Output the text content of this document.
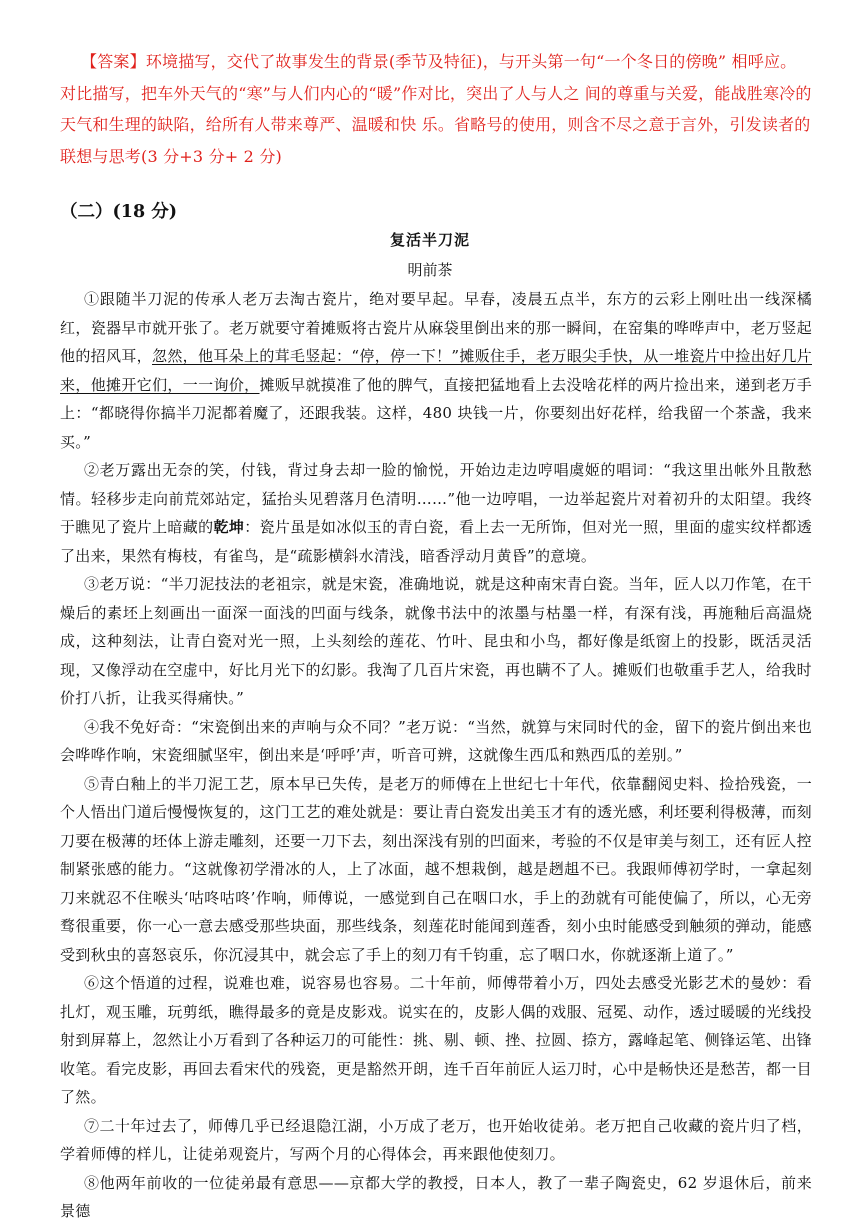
【答案】环境描写，交代了故事发生的背景(季节及特征)，与开头第一句“一个冬日的傍晚” 相呼应。对比描写，把车外天气的“寒”与人们内心的“暖”作对比，突出了人与人之 间的尊重与关爱，能战胜寒冷的天气和生理的缺陷，给所有人带来尊严、温暖和快 乐。省略号的使用，则含不尽之意于言外，引发读者的联想与思考(3 分+3 分+ 2 分)

（二）(18 分)

复活半刀泥

明前茶

①跟随半刀泥的传承人老万去淘古瓷片，绝对要早起。早春，凌晨五点半，东方的云彩上刚吐出一线深橘红，瓷器早市就开张了。老万就要守着摊贩将古瓷片从麻袋里倒出来的那一瞬间，在窑集的哗哗声中，老万竖起他的招风耳，忽然，他耳朵上的茸毛竖起：“停，停一下！”摊贩住手，老万眼尖手快，从一堆瓷片中捡出好几片来，他摊开它们，一一询价，摊贩早就摸准了他的脾气，直接把猛地看上去没啥花样的两片捡出来，递到老万手上：“都晓得你搞半刀泥都着魔了，还跟我装。这样，480 块钱一片，你要刻出好花样，给我留一个茶盏，我来买。”

②老万露出无奈的笑，付钱，背过身去却一脸的愉悦，开始边走边哼唱虞姬的唱词：“我这里出帐外且散愁情。轻移步走向前荒郊站定，猛抬头见碧落月色清明……”他一边哼唱，一边举起瓷片对着初升的太阳望。我终于瞧见了瓷片上暗藏的乾坤：瓷片虽是如冰似玉的青白瓷，看上去一无所饰，但对光一照，里面的虚实纹样都透了出来，果然有梅枝，有雀鸟，是“疏影横斜水清浅，暗香浮动月黄昏”的意境。

③老万说：“半刀泥技法的老祖宗，就是宋瓷，准确地说，就是这种南宋青白瓷。当年，匠人以刀作笔，在干燥后的素坯上刻画出一面深一面浅的凹面与线条，就像书法中的浓墨与枯墨一样，有深有浅，再施釉后高温烧成，这种刻法，让青白瓷对光一照，上头刻绘的莲花、竹叶、昆虫和小鸟，都好像是纸窗上的投影，既活灵活现，又像浮动在空虚中，好比月光下的幻影。我淘了几百片宋瓷，再也瞒不了人。摊贩们也敬重手艺人，给我时价打八折，让我买得痛快。”

④我不免好奇：“宋瓷倒出来的声响与众不同？”老万说：“当然，就算与宋同时代的金，留下的瓷片倒出来也会哗哗作响，宋瓷细腻坚牢，倒出来是‘呼呼’声，听音可辨，这就像生西瓜和熟西瓜的差别。”

⑤青白釉上的半刀泥工艺，原本早已失传，是老万的师傅在上世纪七十年代，依靠翻阅史料、捡拾残瓷，一个人悟出门道后慢慢恢复的，这门工艺的难处就是：要让青白瓷发出美玉才有的透光感，利坯要利得极薄，而刻刀要在极薄的坯体上游走雕刻，还要一刀下去，刻出深浅有别的凹面来，考验的不仅是审美与刻工，还有匠人控制紧张感的能力。“这就像初学滑冰的人，上了冰面，越不想栽倒，越是趔趄不已。我跟师傅初学时，一拿起刻刀来就忍不住喉头‘咕咚咕咚’作响，师傅说，一感觉到自己在咽口水，手上的劲就有可能使偏了，所以，心无旁骛很重要，你一心一意去感受那些块面，那些线条，刻莲花时能闻到莲香，刻小虫时能感受到触须的弹动，能感受到秋虫的喜怒哀乐，你沉浸其中，就会忘了手上的刻刀有千钧重，忘了咽口水，你就逐渐上道了。”

⑥这个悟道的过程，说难也难，说容易也容易。二十年前，师傅带着小万，四处去感受光影艺术的曼妙：看扎灯，观玉雕，玩剪纸，瞧得最多的竟是皮影戏。说实在的，皮影人偶的戏服、冠冕、动作，透过暖暖的光线投射到屏幕上，忽然让小万看到了各种运刀的可能性：挑、剔、顿、挫、拉圆、捺方，露峰起笔、侧锋运笔、出锋收笔。看完皮影，再回去看宋代的残瓷，更是豁然开朗，连千百年前匠人运刀时，心中是畅快还是愁苦，都一目了然。

⑦二十年过去了，师傅几乎已经退隐江湖，小万成了老万，也开始收徒弟。老万把自己收藏的瓷片归了档，学着师傅的样儿，让徒弟观瓷片，写两个月的心得体会，再来跟他使刻刀。

⑧他两年前收的一位徒弟最有意思——京都大学的教授，日本人，教了一辈子陶瓷史，62 岁退休后，前来景德
